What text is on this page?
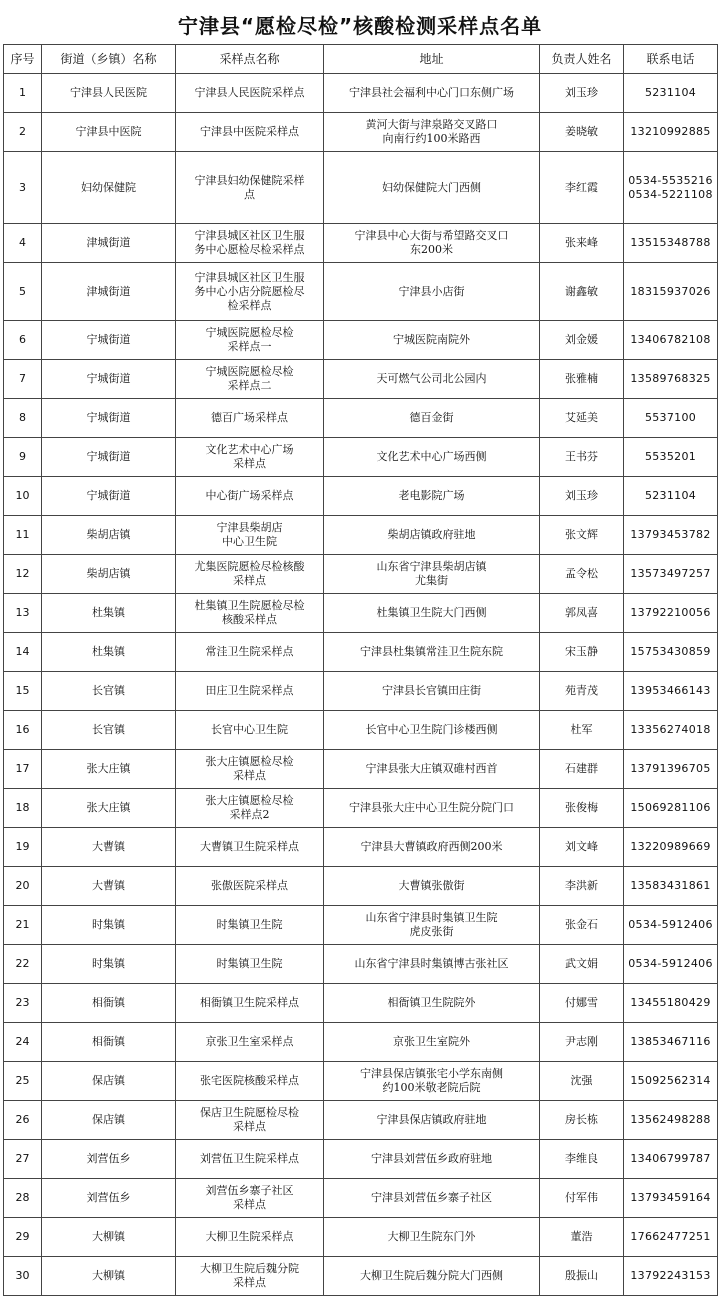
宁津县“愿检尽检”核酸检测采样点名单
序号	街道（乡镇）名称	采样点名称	地址	负责人姓名	联系电话
1	宁津县人民医院	宁津县人民医院采样点	宁津县社会福利中心门口东侧广场	刘玉珍	5231104

2	宁津县中医院	宁津县中医院采样点	黄河大街与津泉路交叉路口
向南行约100米路西	姜晓敏	13210992885

3	妇幼保健院	宁津县妇幼保健院采样
点	妇幼保健院大门西侧	李红霞	0534-5535216
0534-5221108

4	津城街道	宁津县城区社区卫生服
务中心愿检尽检采样点	宁津县中心大街与希望路交叉口
东200米	张来峰	13515348788

5	津城街道	宁津县城区社区卫生服
务中心小店分院愿检尽
检采样点	宁津县小店街	谢鑫敏	18315937026

6	宁城街道	宁城医院愿检尽检
采样点一	宁城医院南院外	刘金媛	13406782108

7	宁城街道	宁城医院愿检尽检
采样点二	天可燃气公司北公园内	张雅楠	13589768325

8	宁城街道	德百广场采样点	德百金街	艾延美	5537100

9	宁城街道	文化艺术中心广场
采样点	文化艺术中心广场西侧	王书芬	5535201

10	宁城街道	中心街广场采样点	老电影院广场	刘玉珍	5231104

11	柴胡店镇	宁津县柴胡店
中心卫生院	柴胡店镇政府驻地	张文辉	13793453782

12	柴胡店镇	尤集医院愿检尽检核酸
采样点	山东省宁津县柴胡店镇
尤集街	孟令松	13573497257

13	杜集镇	杜集镇卫生院愿检尽检
核酸采样点	杜集镇卫生院大门西侧	郭凤喜	13792210056

14	杜集镇	常洼卫生院采样点	宁津县杜集镇常洼卫生院东院	宋玉静	15753430859

15	长官镇	田庄卫生院采样点	宁津县长官镇田庄街	苑青茂	13953466143

16	长官镇	长官中心卫生院	长官中心卫生院门诊楼西侧	杜军	13356274018

17	张大庄镇	张大庄镇愿检尽检
采样点	宁津县张大庄镇双碓村西首	石建群	13791396705

18	张大庄镇	张大庄镇愿检尽检
采样点2	宁津县张大庄中心卫生院分院门口	张俊梅	15069281106

19	大曹镇	大曹镇卫生院采样点	宁津县大曹镇政府西侧200米	刘文峰	13220989669

20	大曹镇	张傲医院采样点	大曹镇张傲街	李洪新	13583431861

21	时集镇	时集镇卫生院	山东省宁津县时集镇卫生院
虎皮张街	张金石	0534-5912406

22	时集镇	时集镇卫生院	山东省宁津县时集镇博古张社区	武文娟	0534-5912406

23	相衙镇	相衙镇卫生院采样点	相衙镇卫生院院外	付娜雪	13455180429

24	相衙镇	京张卫生室采样点	京张卫生室院外	尹志刚	13853467116

25	保店镇	张宅医院核酸采样点	宁津县保店镇张宅小学东南侧
约100米敬老院后院	沈强	15092562314

26	保店镇	保店卫生院愿检尽检
采样点	宁津县保店镇政府驻地	房长栋	13562498288

27	刘营伍乡	刘营伍卫生院采样点	宁津县刘营伍乡政府驻地	李维良	13406799787

28	刘营伍乡	刘营伍乡寨子社区
采样点	宁津县刘营伍乡寨子社区	付军伟	13793459164

29	大柳镇	大柳卫生院采样点	大柳卫生院东门外	董浩	17662477251

30	大柳镇	大柳卫生院后魏分院
采样点	大柳卫生院后魏分院大门西侧	殷振山	13792243153
